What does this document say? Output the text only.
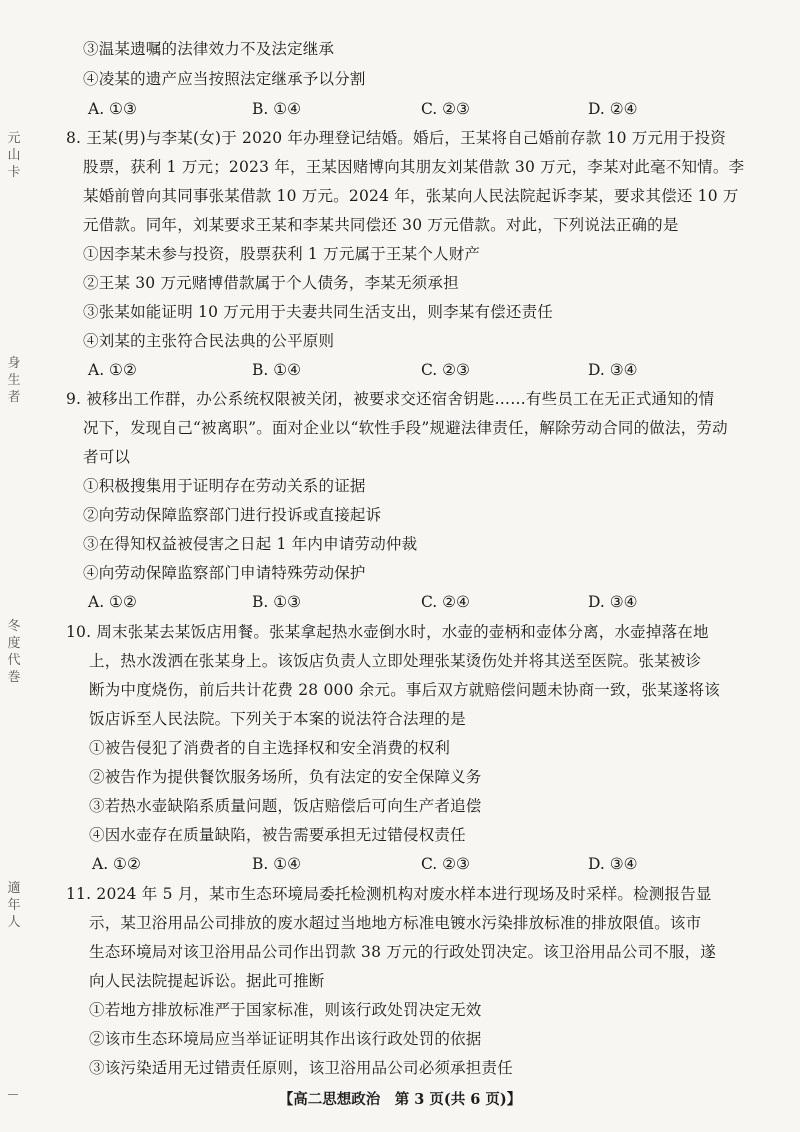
元 山 卡
身 生 者
冬 度 代 巻
適 年 人
③温某遗嘱的法律效力不及法定继承
④凌某的遗产应当按照法定继承予以分割
A. ①③	B. ①④	C. ②③	D. ②④
8. 王某(男)与李某(女)于 2020 年办理登记结婚。婚后，王某将自己婚前存款 10 万元用于投资
股票，获利 1 万元；2023 年，王某因赌博向其朋友刘某借款 30 万元，李某对此毫不知情。李
某婚前曾向其同事张某借款 10 万元。2024 年，张某向人民法院起诉李某，要求其偿还 10 万
元借款。同年，刘某要求王某和李某共同偿还 30 万元借款。对此，下列说法正确的是
①因李某未参与投资，股票获利 1 万元属于王某个人财产
②王某 30 万元赌博借款属于个人债务，李某无须承担
③张某如能证明 10 万元用于夫妻共同生活支出，则李某有偿还责任
④刘某的主张符合民法典的公平原则
A. ①②	B. ①④	C. ②③	D. ③④
9. 被移出工作群，办公系统权限被关闭，被要求交还宿舍钥匙……有些员工在无正式通知的情
况下，发现自己“被离职”。面对企业以“软性手段”规避法律责任，解除劳动合同的做法，劳动
者可以
①积极搜集用于证明存在劳动关系的证据
②向劳动保障监察部门进行投诉或直接起诉
③在得知权益被侵害之日起 1 年内申请劳动仲裁
④向劳动保障监察部门申请特殊劳动保护
A. ①②	B. ①③	C. ②④	D. ③④
10. 周末张某去某饭店用餐。张某拿起热水壶倒水时，水壶的壶柄和壶体分离，水壶掉落在地
上，热水泼洒在张某身上。该饭店负责人立即处理张某烫伤处并将其送至医院。张某被诊
断为中度烧伤，前后共计花费 28 000 余元。事后双方就赔偿问题未协商一致，张某遂将该
饭店诉至人民法院。下列关于本案的说法符合法理的是
①被告侵犯了消费者的自主选择权和安全消费的权利
②被告作为提供餐饮服务场所，负有法定的安全保障义务
③若热水壶缺陷系质量问题，饭店赔偿后可向生产者追偿
④因水壶存在质量缺陷，被告需要承担无过错侵权责任
A. ①②	B. ①④	C. ②③	D. ③④
11. 2024 年 5 月，某市生态环境局委托检测机构对废水样本进行现场及时采样。检测报告显
示，某卫浴用品公司排放的废水超过当地地方标准电镀水污染排放标准的排放限值。该市
生态环境局对该卫浴用品公司作出罚款 38 万元的行政处罚决定。该卫浴用品公司不服，遂
向人民法院提起诉讼。据此可推断
①若地方排放标准严于国家标准，则该行政处罚决定无效
②该市生态环境局应当举证证明其作出该行政处罚的依据
③该污染适用无过错责任原则，该卫浴用品公司必须承担责任
【高二思想政治　第 3 页(共 6 页)】
